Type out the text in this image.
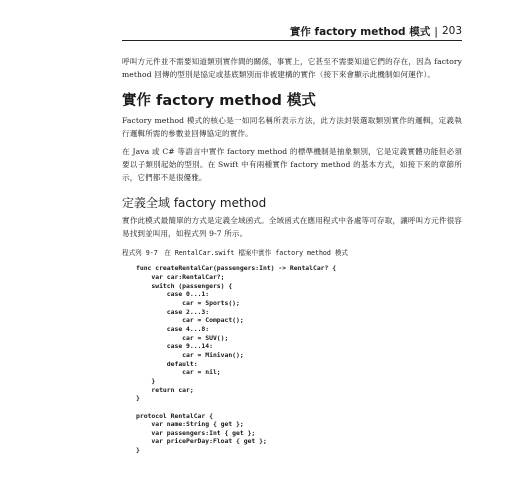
實作 factory method 模式 | 203

呼叫方元件並不需要知道類別實作間的關係，事實上，它甚至不需要知道它們的存在，因為 factory method 回傳的型別是協定或基底類別而非被建構的實作（接下來會顯示此機制如何運作）。

實作 factory method 模式

Factory method 模式的核心是一如同名稱所表示方法，此方法封裝選取類別實作的邏輯，定義執行邏輯所需的參數並回傳協定的實作。

在 Java 或 C# 等語言中實作 factory method 的標準機制是抽象類別，它是定義實體功能但必須要以子類別起始的型別。在 Swift 中有兩種實作 factory method 的基本方式，如接下來的章節所示，它們都不是很優雅。

定義全域 factory method

實作此模式最簡單的方式是定義全域函式。全域函式在應用程式中各處等可存取，讓呼叫方元件很容易找到並叫用，如程式列 9-7 所示。

程式列 9-7　在 RentalCar.swift 檔案中實作 factory method 模式
func createRentalCar(passengers:Int) -> RentalCar? {
var car:RentalCar?;
switch (passengers) {
case 0...1:
car = Sports();
case 2...3:
car = Compact();
case 4...8:
car = SUV();
case 9...14:
car = Minivan();
default:
car = nil;
}
return car;
}

protocol RentalCar {
var name:String { get };
var passengers:Int { get };
var pricePerDay:Float { get };
}
